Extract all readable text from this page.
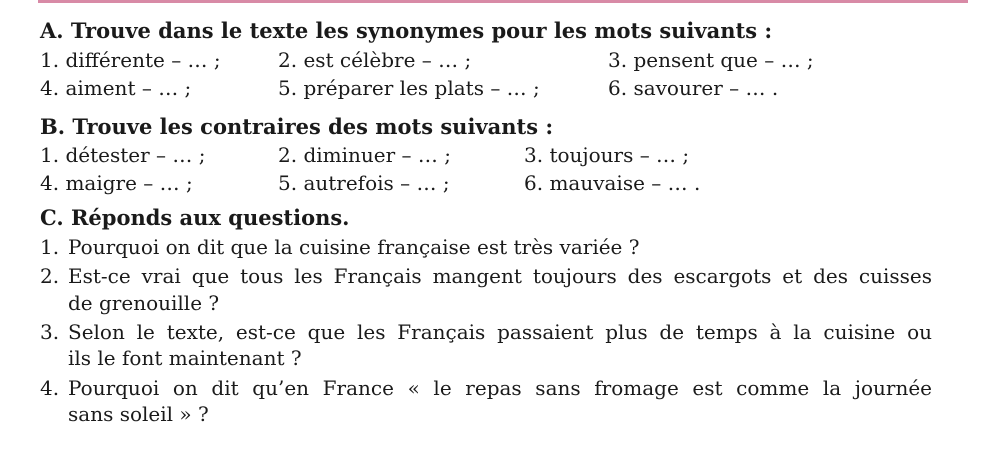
A. Trouve dans le texte les synonymes pour les mots suivants :
1. différente – … ;	2. est célèbre – … ;	3. pensent que – … ;
4. aiment – … ;	5. préparer les plats – … ;	6. savourer – … .
B. Trouve les contraires des mots suivants :
1. détester – … ;	2. diminuer – … ;	3. toujours – … ;
4. maigre – … ;	5. autrefois – … ;	6. mauvaise – … .
C. Réponds aux questions.
1. Pourquoi on dit que la cuisine française est très variée ?
2. Est-ce vrai que tous les Français mangent toujours des escargots et des cuisses
de grenouille ?
3. Selon le texte, est-ce que les Français passaient plus de temps à la cuisine ou
ils le font maintenant ?
4. Pourquoi on dit qu’en France « le repas sans fromage est comme la journée
sans soleil » ?
